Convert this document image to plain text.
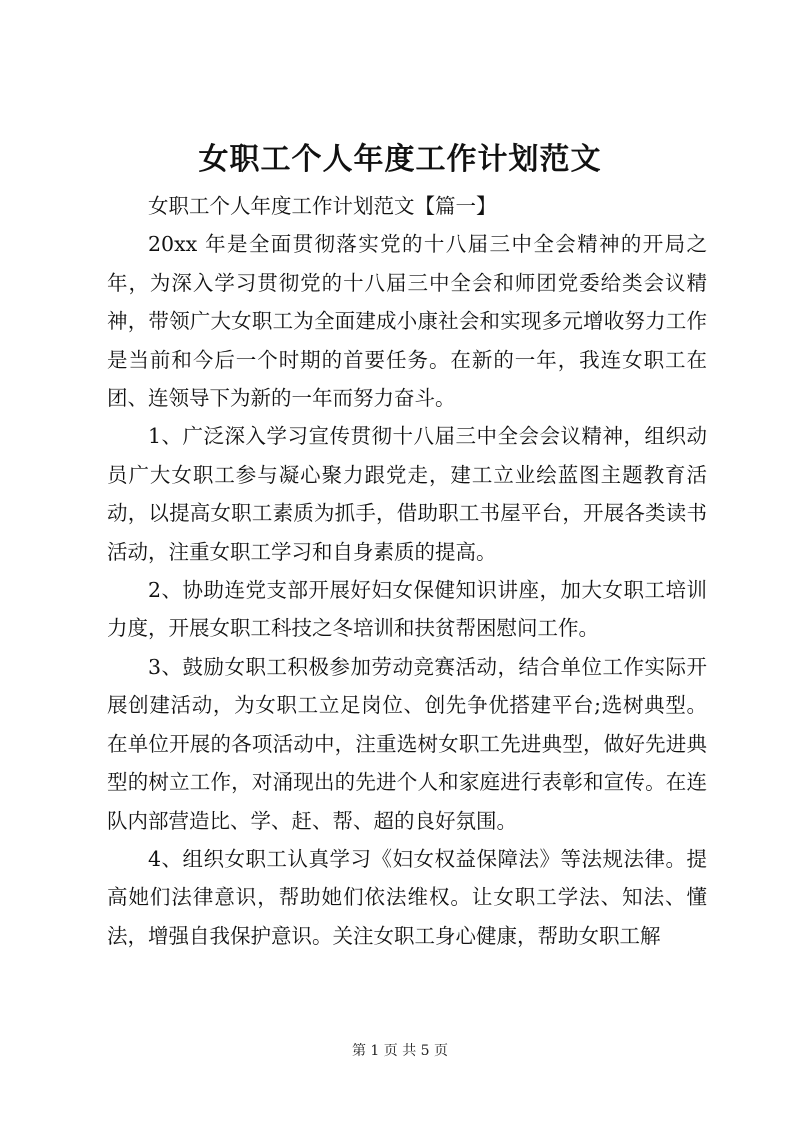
女职工个人年度工作计划范文

女职工个人年度工作计划范文【篇一】

20xx 年是全面贯彻落实党的十八届三中全会精神的开局之年，为深入学习贯彻党的十八届三中全会和师团党委给类会议精神，带领广大女职工为全面建成小康社会和实现多元增收努力工作是当前和今后一个时期的首要任务。在新的一年，我连女职工在团、连领导下为新的一年而努力奋斗。

1、广泛深入学习宣传贯彻十八届三中全会会议精神，组织动员广大女职工参与凝心聚力跟党走，建工立业绘蓝图主题教育活动，以提高女职工素质为抓手，借助职工书屋平台，开展各类读书活动，注重女职工学习和自身素质的提高。

2、协助连党支部开展好妇女保健知识讲座，加大女职工培训力度，开展女职工科技之冬培训和扶贫帮困慰问工作。

3、鼓励女职工积极参加劳动竞赛活动，结合单位工作实际开展创建活动，为女职工立足岗位、创先争优搭建平台;选树典型。在单位开展的各项活动中，注重选树女职工先进典型，做好先进典型的树立工作，对涌现出的先进个人和家庭进行表彰和宣传。在连队内部营造比、学、赶、帮、超的良好氛围。

4、组织女职工认真学习《妇女权益保障法》等法规法律。提高她们法律意识，帮助她们依法维权。让女职工学法、知法、懂法，增强自我保护意识。关注女职工身心健康，帮助女职工解

第 1 页 共 5 页
